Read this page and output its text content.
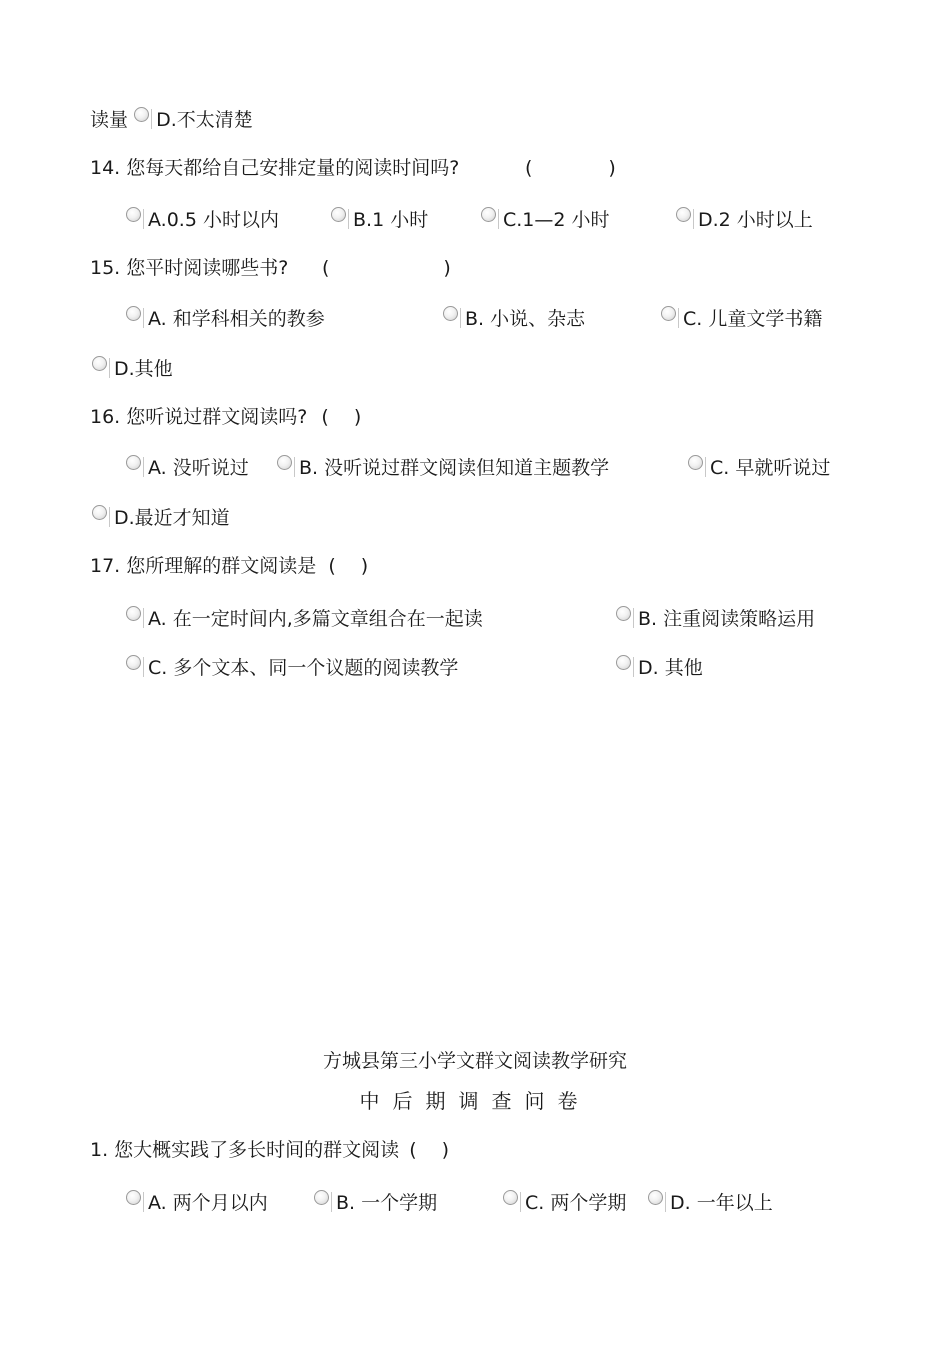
读量 D.不太清楚
14. 您每天都给自己安排定量的阅读时间吗?	(　　　　)
A.0.5 小时以内	B.1 小时	C.1—2 小时	D.2 小时以上
15. 您平时阅读哪些书? (　　　　　　)
A. 和学科相关的教参	B. 小说、杂志	C. 儿童文学书籍
D.其他
16. 您听说过群文阅读吗? (　 )
A. 没听说过	B. 没听说过群文阅读但知道主题教学	C. 早就听说过
D.最近才知道
17. 您所理解的群文阅读是 (　 )
A. 在一定时间内,多篇文章组合在一起读	B. 注重阅读策略运用
C. 多个文本、同一个议题的阅读教学	D. 其他
方城县第三小学文群文阅读教学研究
中后期调查问卷
1. 您大概实践了多长时间的群文阅读 (　 )
A. 两个月以内	B. 一个学期	C. 两个学期	D. 一年以上
